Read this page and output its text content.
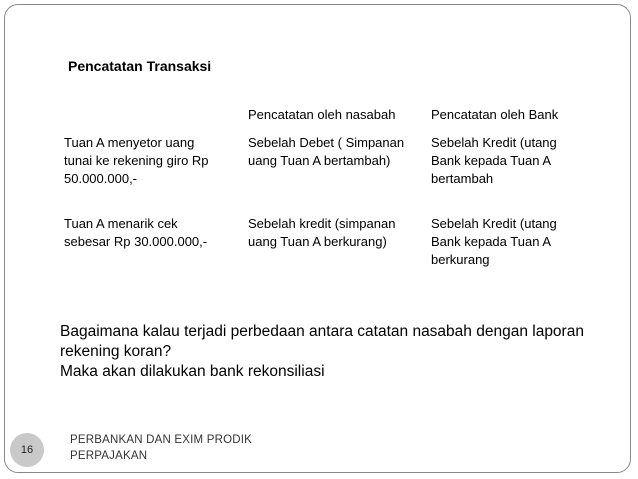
Pencatatan Transaksi
Pencatatan oleh nasabah	Pencatatan oleh Bank
Tuan A menyetor uang
tunai ke rekening giro Rp
50.000.000,-
Sebelah Debet ( Simpanan
uang Tuan A bertambah)
Sebelah Kredit (utang
Bank kepada Tuan A
bertambah
Tuan A menarik cek
sebesar Rp 30.000.000,-
Sebelah kredit (simpanan
uang Tuan A berkurang)
Sebelah Kredit (utang
Bank kepada Tuan A
berkurang
Bagaimana kalau terjadi perbedaan antara catatan nasabah dengan laporan
rekening koran?
Maka akan dilakukan bank rekonsiliasi
16
PERBANKAN DAN EXIM PRODIK
PERPAJAKAN
